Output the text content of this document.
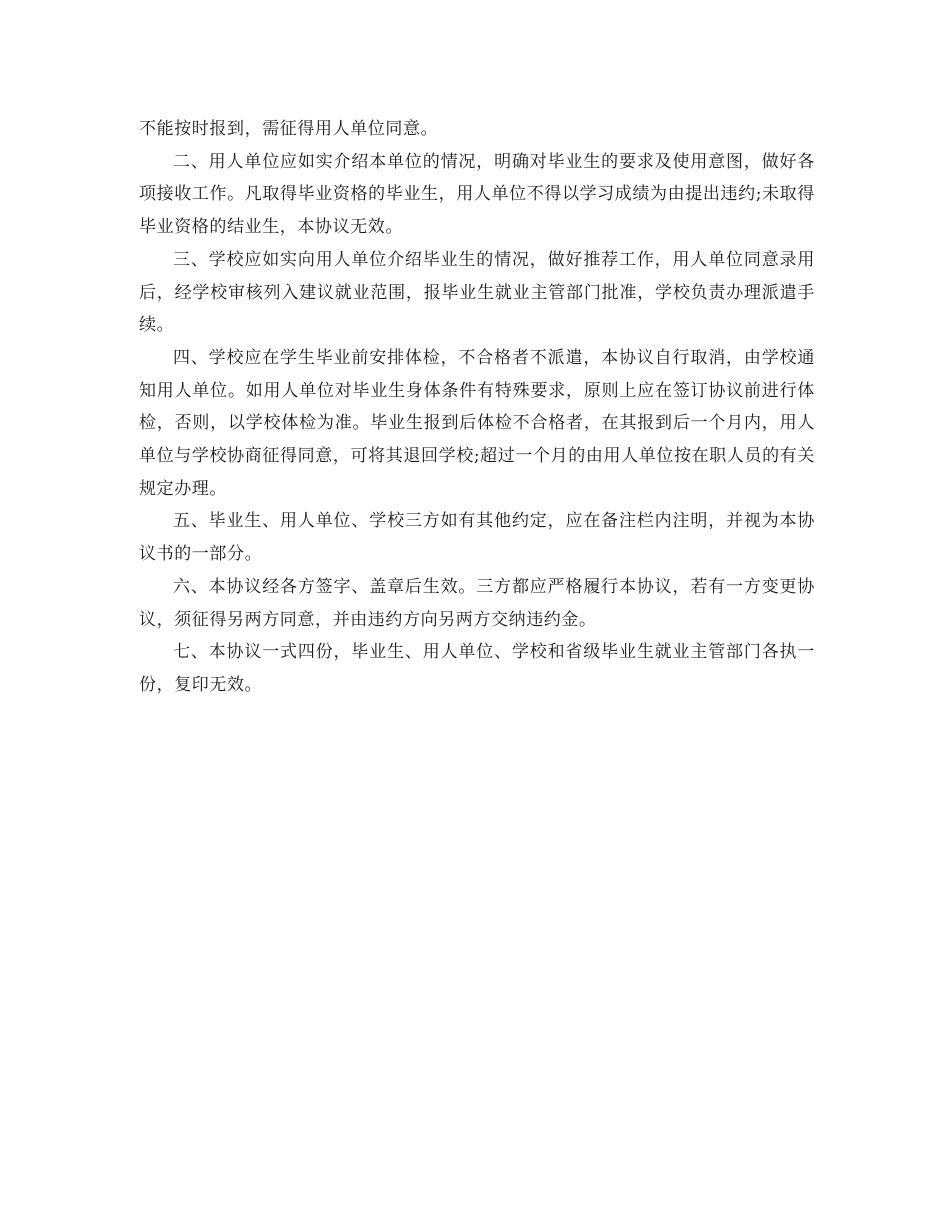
不能按时报到，需征得用人单位同意。

二、用人单位应如实介绍本单位的情况，明确对毕业生的要求及使用意图，做好各项接收工作。凡取得毕业资格的毕业生，用人单位不得以学习成绩为由提出违约;未取得毕业资格的结业生，本协议无效。

三、学校应如实向用人单位介绍毕业生的情况，做好推荐工作，用人单位同意录用后，经学校审核列入建议就业范围，报毕业生就业主管部门批准，学校负责办理派遣手续。

四、学校应在学生毕业前安排体检，不合格者不派遣，本协议自行取消，由学校通知用人单位。如用人单位对毕业生身体条件有特殊要求，原则上应在签订协议前进行体检，否则，以学校体检为准。毕业生报到后体检不合格者，在其报到后一个月内，用人单位与学校协商征得同意，可将其退回学校;超过一个月的由用人单位按在职人员的有关规定办理。

五、毕业生、用人单位、学校三方如有其他约定，应在备注栏内注明，并视为本协议书的一部分。

六、本协议经各方签字、盖章后生效。三方都应严格履行本协议，若有一方变更协议，须征得另两方同意，并由违约方向另两方交纳违约金。

七、本协议一式四份，毕业生、用人单位、学校和省级毕业生就业主管部门各执一份，复印无效。
